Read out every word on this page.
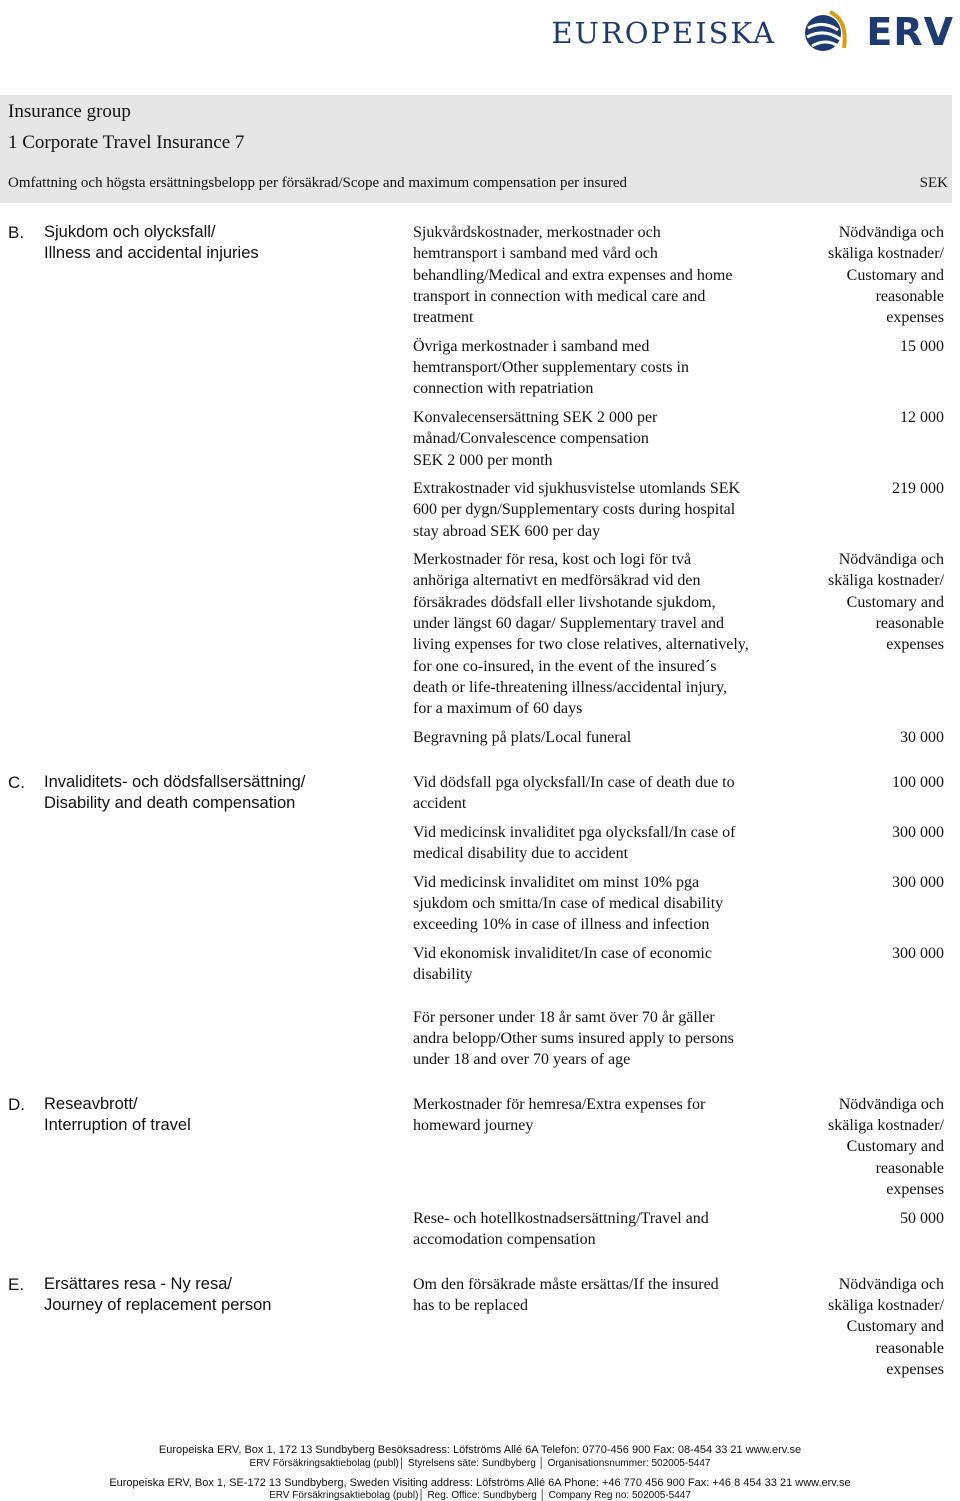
EUROPEISKA ERV
Insurance group
1 Corporate Travel Insurance 7
Omfattning och högsta ersättningsbelopp per försäkrad/Scope and maximum compensation per insured	SEK
B. Sjukdom och olycksfall/
Illness and accidental injuries
Sjukvårdskostnader, merkostnader och
hemtransport i samband med vård och
behandling/Medical and extra expenses and home
transport in connection with medical care and
treatment
Nödvändiga och
skäliga kostnader/
Customary and
reasonable
expenses
Övriga merkostnader i samband med
hemtransport/Other supplementary costs in
connection with repatriation
15 000
Konvalecensersättning SEK 2 000 per
månad/Convalescence compensation
SEK 2 000 per month
12 000
Extrakostnader vid sjukhusvistelse utomlands SEK
600 per dygn/Supplementary costs during hospital
stay abroad SEK 600 per day
219 000
Merkostnader för resa, kost och logi för två
anhöriga alternativt en medförsäkrad vid den
försäkrades dödsfall eller livshotande sjukdom,
under längst 60 dagar/ Supplementary travel and
living expenses for two close relatives, alternatively,
for one co-insured, in the event of the insured´s
death or life-threatening illness/accidental injury,
for a maximum of 60 days
Nödvändiga och
skäliga kostnader/
Customary and
reasonable
expenses
Begravning på plats/Local funeral	30 000
C. Invaliditets- och dödsfallsersättning/
Disability and death compensation
Vid dödsfall pga olycksfall/In case of death due to
accident
100 000
Vid medicinsk invaliditet pga olycksfall/In case of
medical disability due to accident
300 000
Vid medicinsk invaliditet om minst 10% pga
sjukdom och smitta/In case of medical disability
exceeding 10% in case of illness and infection
300 000
Vid ekonomisk invaliditet/In case of economic
disability
300 000
För personer under 18 år samt över 70 år gäller
andra belopp/Other sums insured apply to persons
under 18 and over 70 years of age
D. Reseavbrott/
Interruption of travel
Merkostnader för hemresa/Extra expenses for
homeward journey
Nödvändiga och
skäliga kostnader/
Customary and
reasonable
expenses
Rese- och hotellkostnadsersättning/Travel and
accomodation compensation
50 000
E. Ersättares resa - Ny resa/
Journey of replacement person
Om den försäkrade måste ersättas/If the insured
has to be replaced
Nödvändiga och
skäliga kostnader/
Customary and
reasonable
expenses
Europeiska ERV, Box 1, 172 13 Sundbyberg Besöksadress: Löfströms Allé 6A Telefon: 0770-456 900 Fax: 08-454 33 21 www.erv.se
ERV Försäkringsaktiebolag (publ)│ Styrelsens säte: Sundbyberg │ Organisationsnummer: 502005-5447
Europeiska ERV, Box 1, SE-172 13 Sundbyberg, Sweden Visiting address: Löfströms Allé 6A Phone: +46 770 456 900 Fax: +46 8 454 33 21 www.erv.se
ERV Försäkringsaktiebolag (publ)│ Reg. Office: Sundbyberg │ Company Reg no: 502005-5447
